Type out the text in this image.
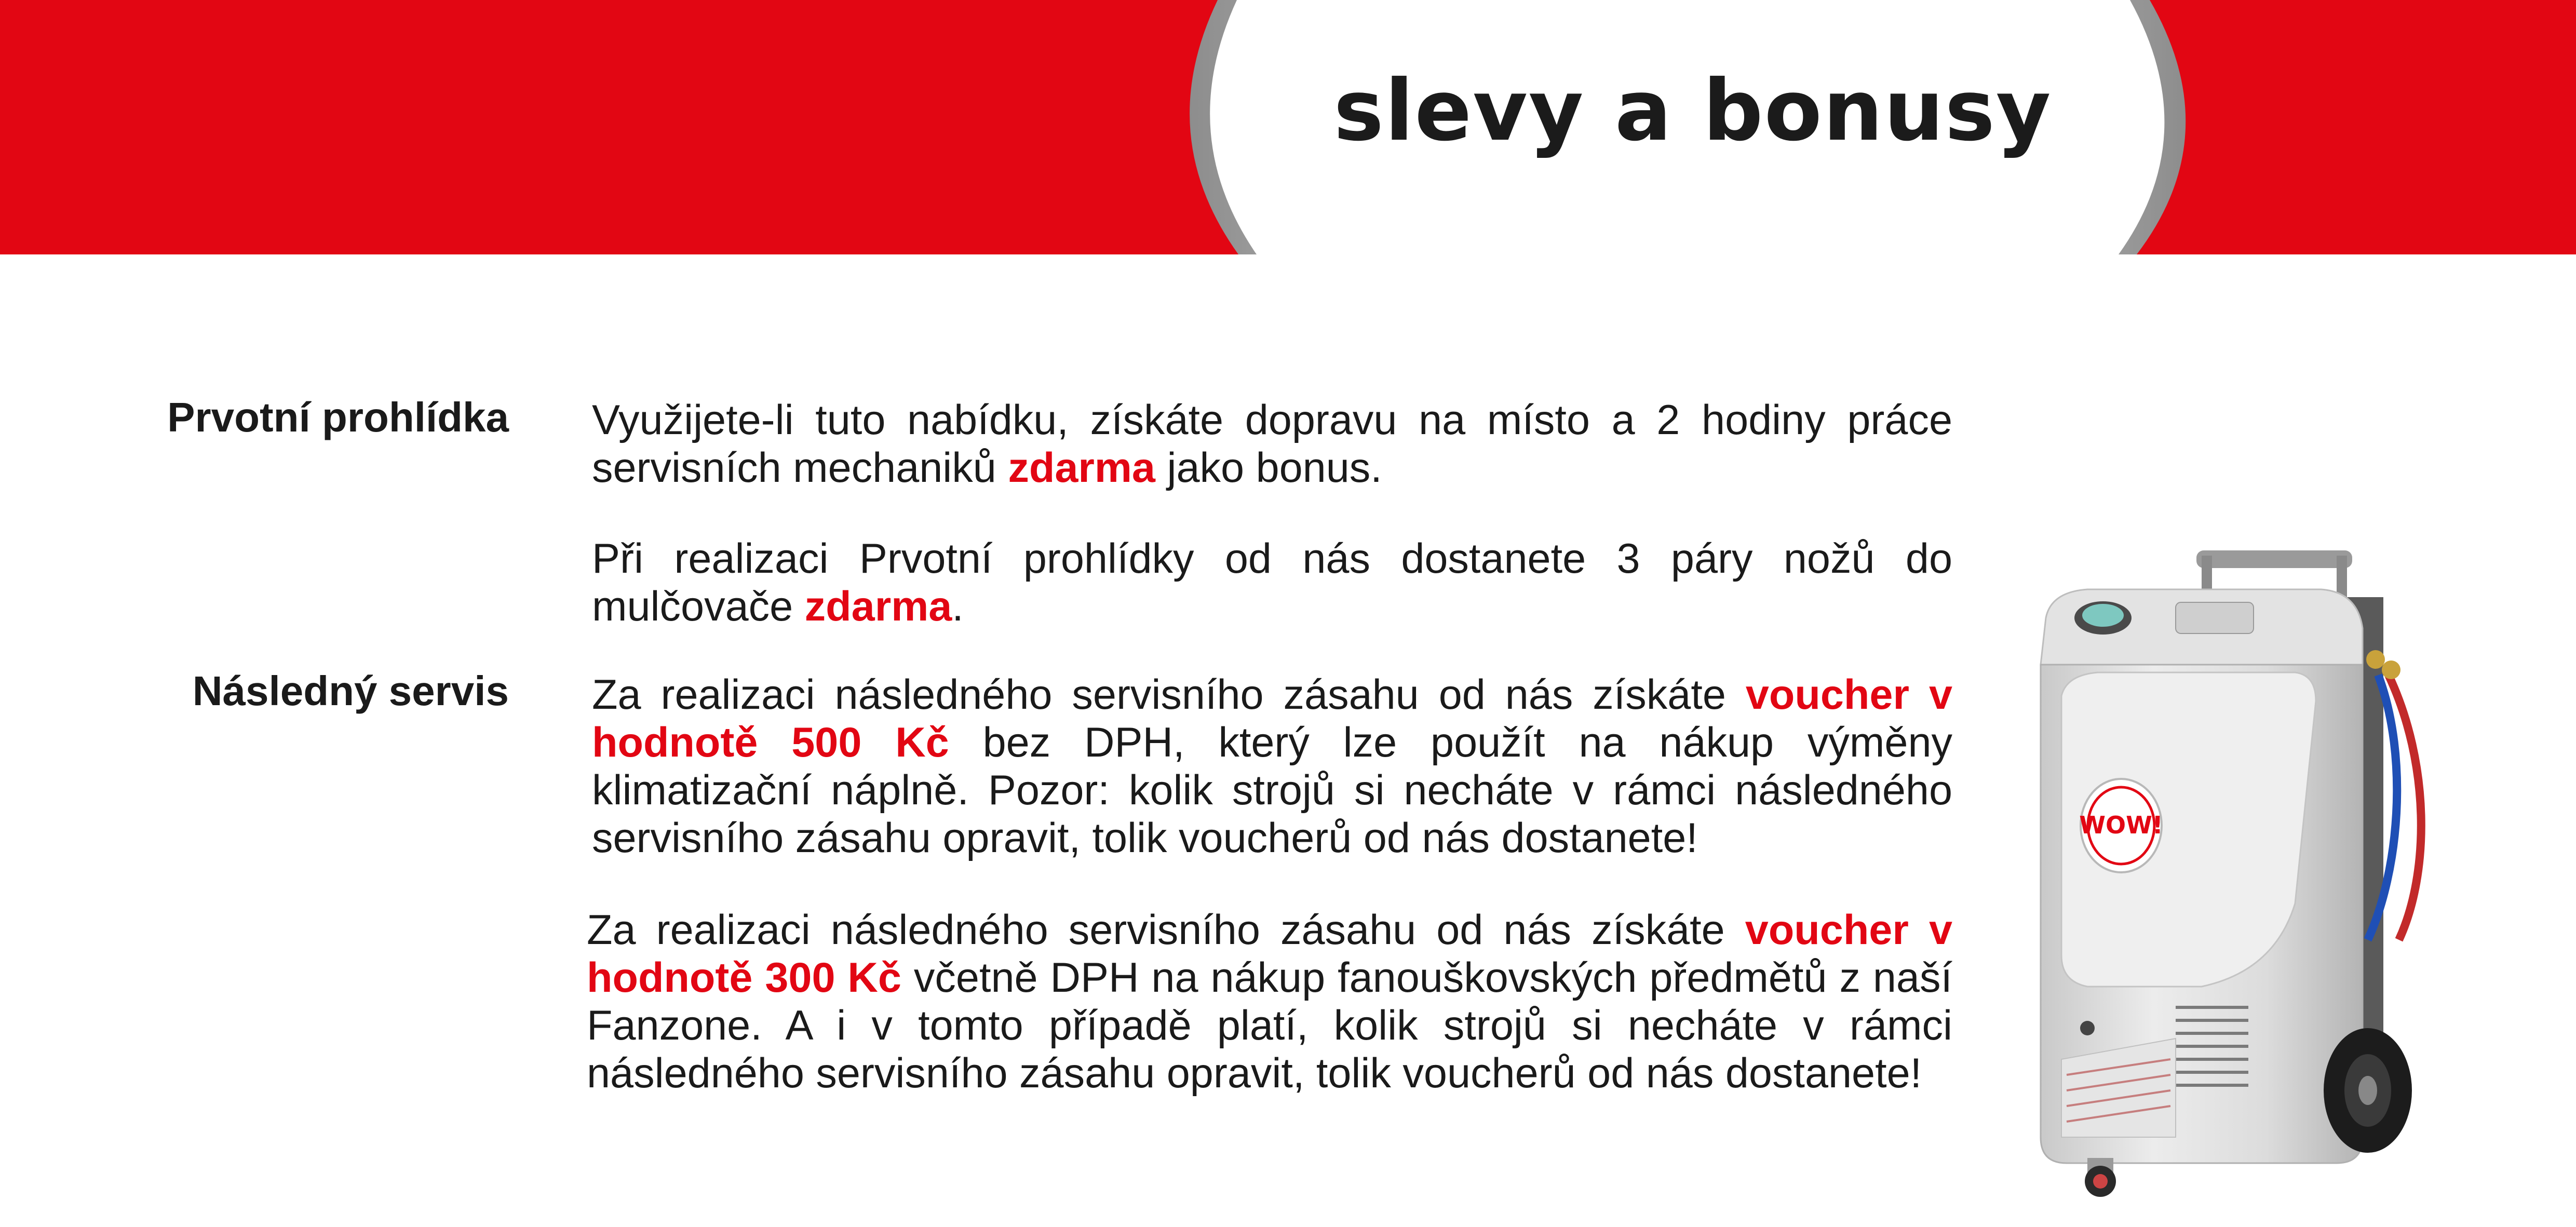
slevy a bonusy
Prvotní prohlídka
Následný servis

Využijete-li tuto nabídku, získáte dopravu na místo a 2 hodiny práce servisních mechaniků zdarma jako bonus.

Při realizaci Prvotní prohlídky od nás dostanete 3 páry nožů do mulčovače zdarma.

Za realizaci následného servisního zásahu od nás získáte voucher v hodnotě 500 Kč bez DPH, který lze použít na nákup výměny klimatizační náplně. Pozor: kolik strojů si necháte v rámci následného servisního zásahu opravit, tolik voucherů od nás dostanete!

Za realizaci následného servisního zásahu od nás získáte voucher v hodnotě 300 Kč včetně DPH na nákup fanouškovských předmětů z naší Fanzone. A i v tomto případě platí, kolik strojů si necháte v rámci následného servisního zásahu opravit, tolik voucherů od nás dostanete!

WOW!
